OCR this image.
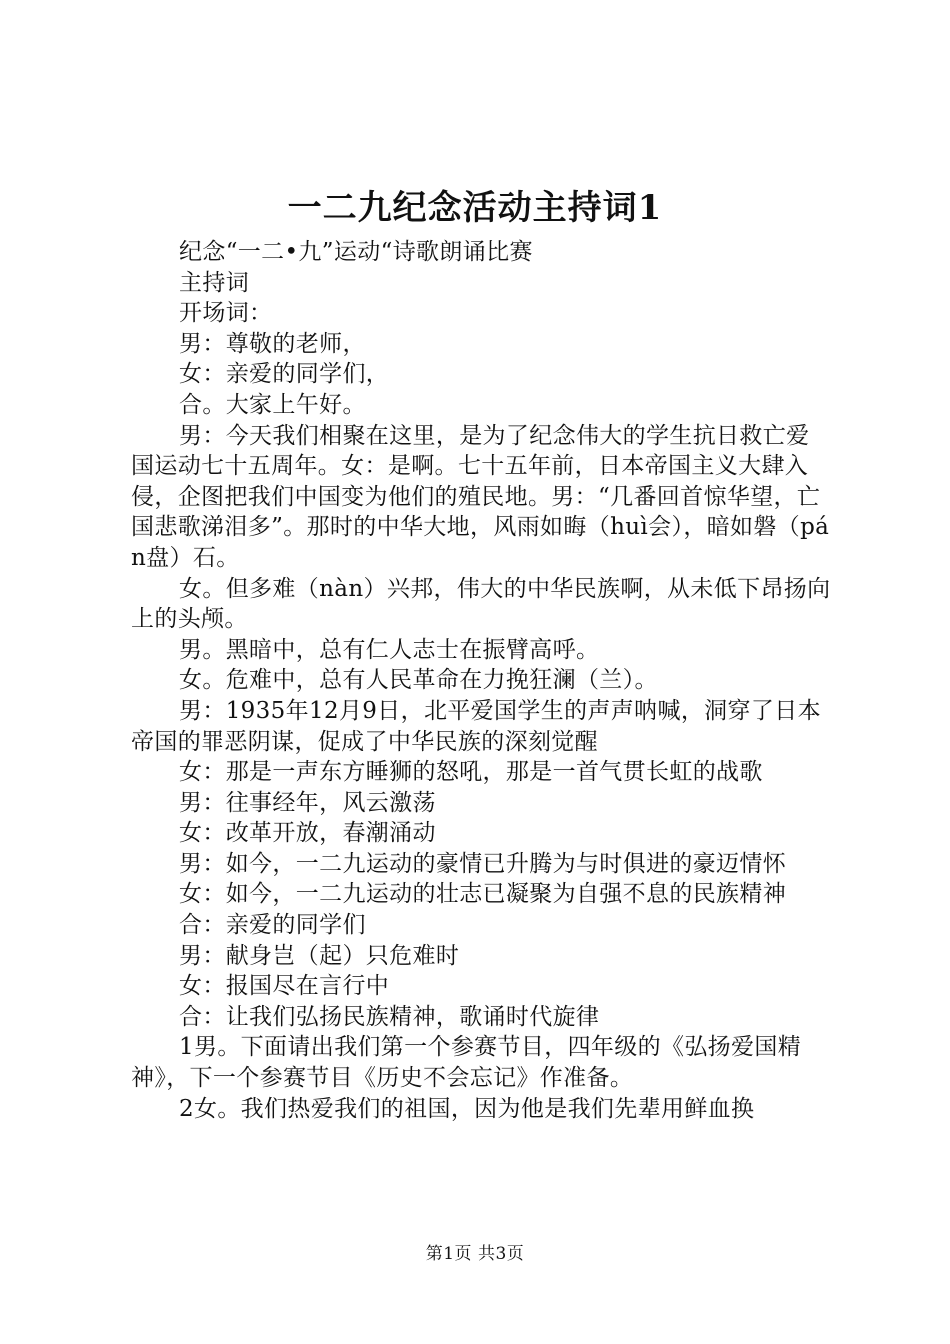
一二九纪念活动主持词1

纪念“一二•九”运动“诗歌朗诵比赛

主持词

开场词：

男：尊敬的老师，

女：亲爱的同学们，

合。大家上午好。

男：今天我们相聚在这里，是为了纪念伟大的学生抗日救亡爱国运动七十五周年。女：是啊。七十五年前，日本帝国主义大肆入侵，企图把我们中国变为他们的殖民地。男：“几番回首惊华望，亡国悲歌涕泪多”。那时的中华大地，风雨如晦（huì会），暗如磐（pán盘）石。

女。但多难（nàn）兴邦，伟大的中华民族啊，从未低下昂扬向上的头颅。

男。黑暗中，总有仁人志士在振臂高呼。

女。危难中，总有人民革命在力挽狂澜（兰）。

男：1935年12月9日，北平爱国学生的声声呐喊，洞穿了日本帝国的罪恶阴谋，促成了中华民族的深刻觉醒

女：那是一声东方睡狮的怒吼，那是一首气贯长虹的战歌

男：往事经年，风云激荡

女：改革开放，春潮涌动

男：如今，一二九运动的豪情已升腾为与时俱进的豪迈情怀

女：如今，一二九运动的壮志已凝聚为自强不息的民族精神

合：亲爱的同学们

男：献身岂（起）只危难时

女：报国尽在言行中

合：让我们弘扬民族精神，歌诵时代旋律

1男。下面请出我们第一个参赛节目，四年级的《弘扬爱国精神》，下一个参赛节目《历史不会忘记》作准备。

2女。我们热爱我们的祖国，因为他是我们先辈用鲜血换

第1页 共3页
